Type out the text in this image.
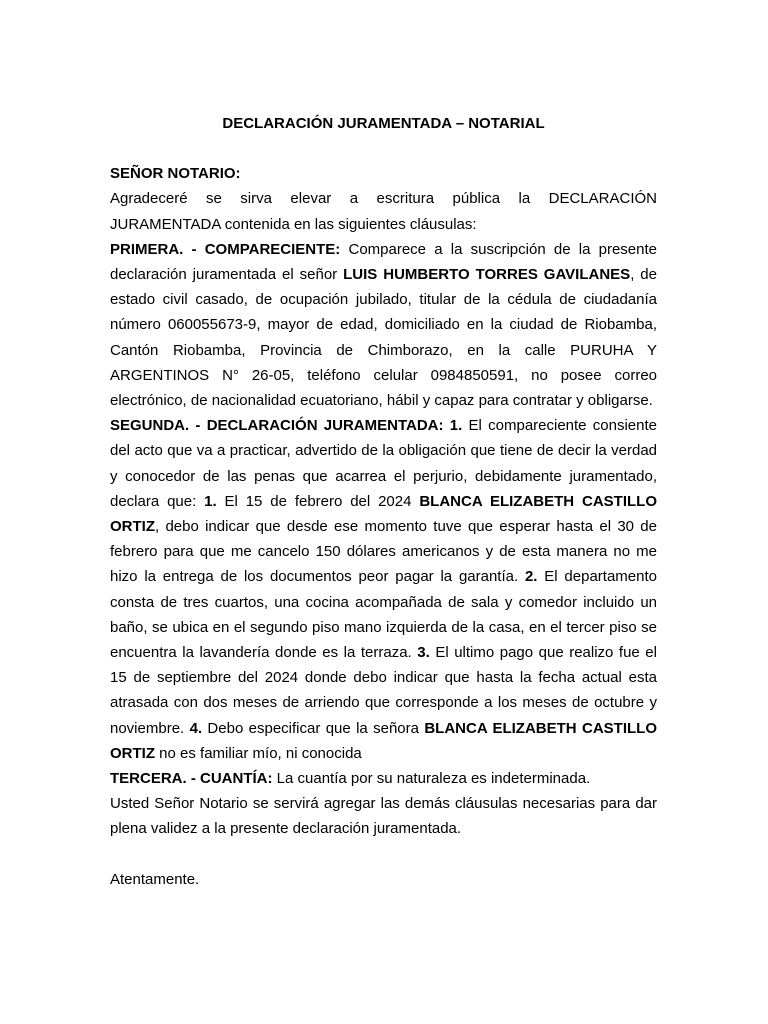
DECLARACIÓN JURAMENTADA – NOTARIAL

SEÑOR NOTARIO:

Agradeceré se sirva elevar a escritura pública la DECLARACIÓN JURAMENTADA contenida en las siguientes cláusulas:

PRIMERA. - COMPARECIENTE: Comparece a la suscripción de la presente declaración juramentada el señor LUIS HUMBERTO TORRES GAVILANES, de estado civil casado, de ocupación jubilado, titular de la cédula de ciudadanía número 060055673-9, mayor de edad, domiciliado en la ciudad de Riobamba, Cantón Riobamba, Provincia de Chimborazo, en la calle PURUHA Y ARGENTINOS N° 26-05, teléfono celular 0984850591, no posee correo electrónico, de nacionalidad ecuatoriano, hábil y capaz para contratar y obligarse.

SEGUNDA. - DECLARACIÓN JURAMENTADA: 1. El compareciente consiente del acto que va a practicar, advertido de la obligación que tiene de decir la verdad y conocedor de las penas que acarrea el perjurio, debidamente juramentado, declara que: 1. El 15 de febrero del 2024 BLANCA ELIZABETH CASTILLO ORTIZ, debo indicar que desde ese momento tuve que esperar hasta el 30 de febrero para que me cancelo 150 dólares americanos y de esta manera no me hizo la entrega de los documentos peor pagar la garantía. 2. El departamento consta de tres cuartos, una cocina acompañada de sala y comedor incluido un baño, se ubica en el segundo piso mano izquierda de la casa, en el tercer piso se encuentra la lavandería donde es la terraza. 3. El ultimo pago que realizo fue el 15 de septiembre del 2024 donde debo indicar que hasta la fecha actual esta atrasada con dos meses de arriendo que corresponde a los meses de octubre y noviembre. 4. Debo especificar que la señora BLANCA ELIZABETH CASTILLO ORTIZ no es familiar mío, ni conocida

TERCERA. - CUANTÍA: La cuantía por su naturaleza es indeterminada.

Usted Señor Notario se servirá agregar las demás cláusulas necesarias para dar plena validez a la presente declaración juramentada.

Atentamente.
